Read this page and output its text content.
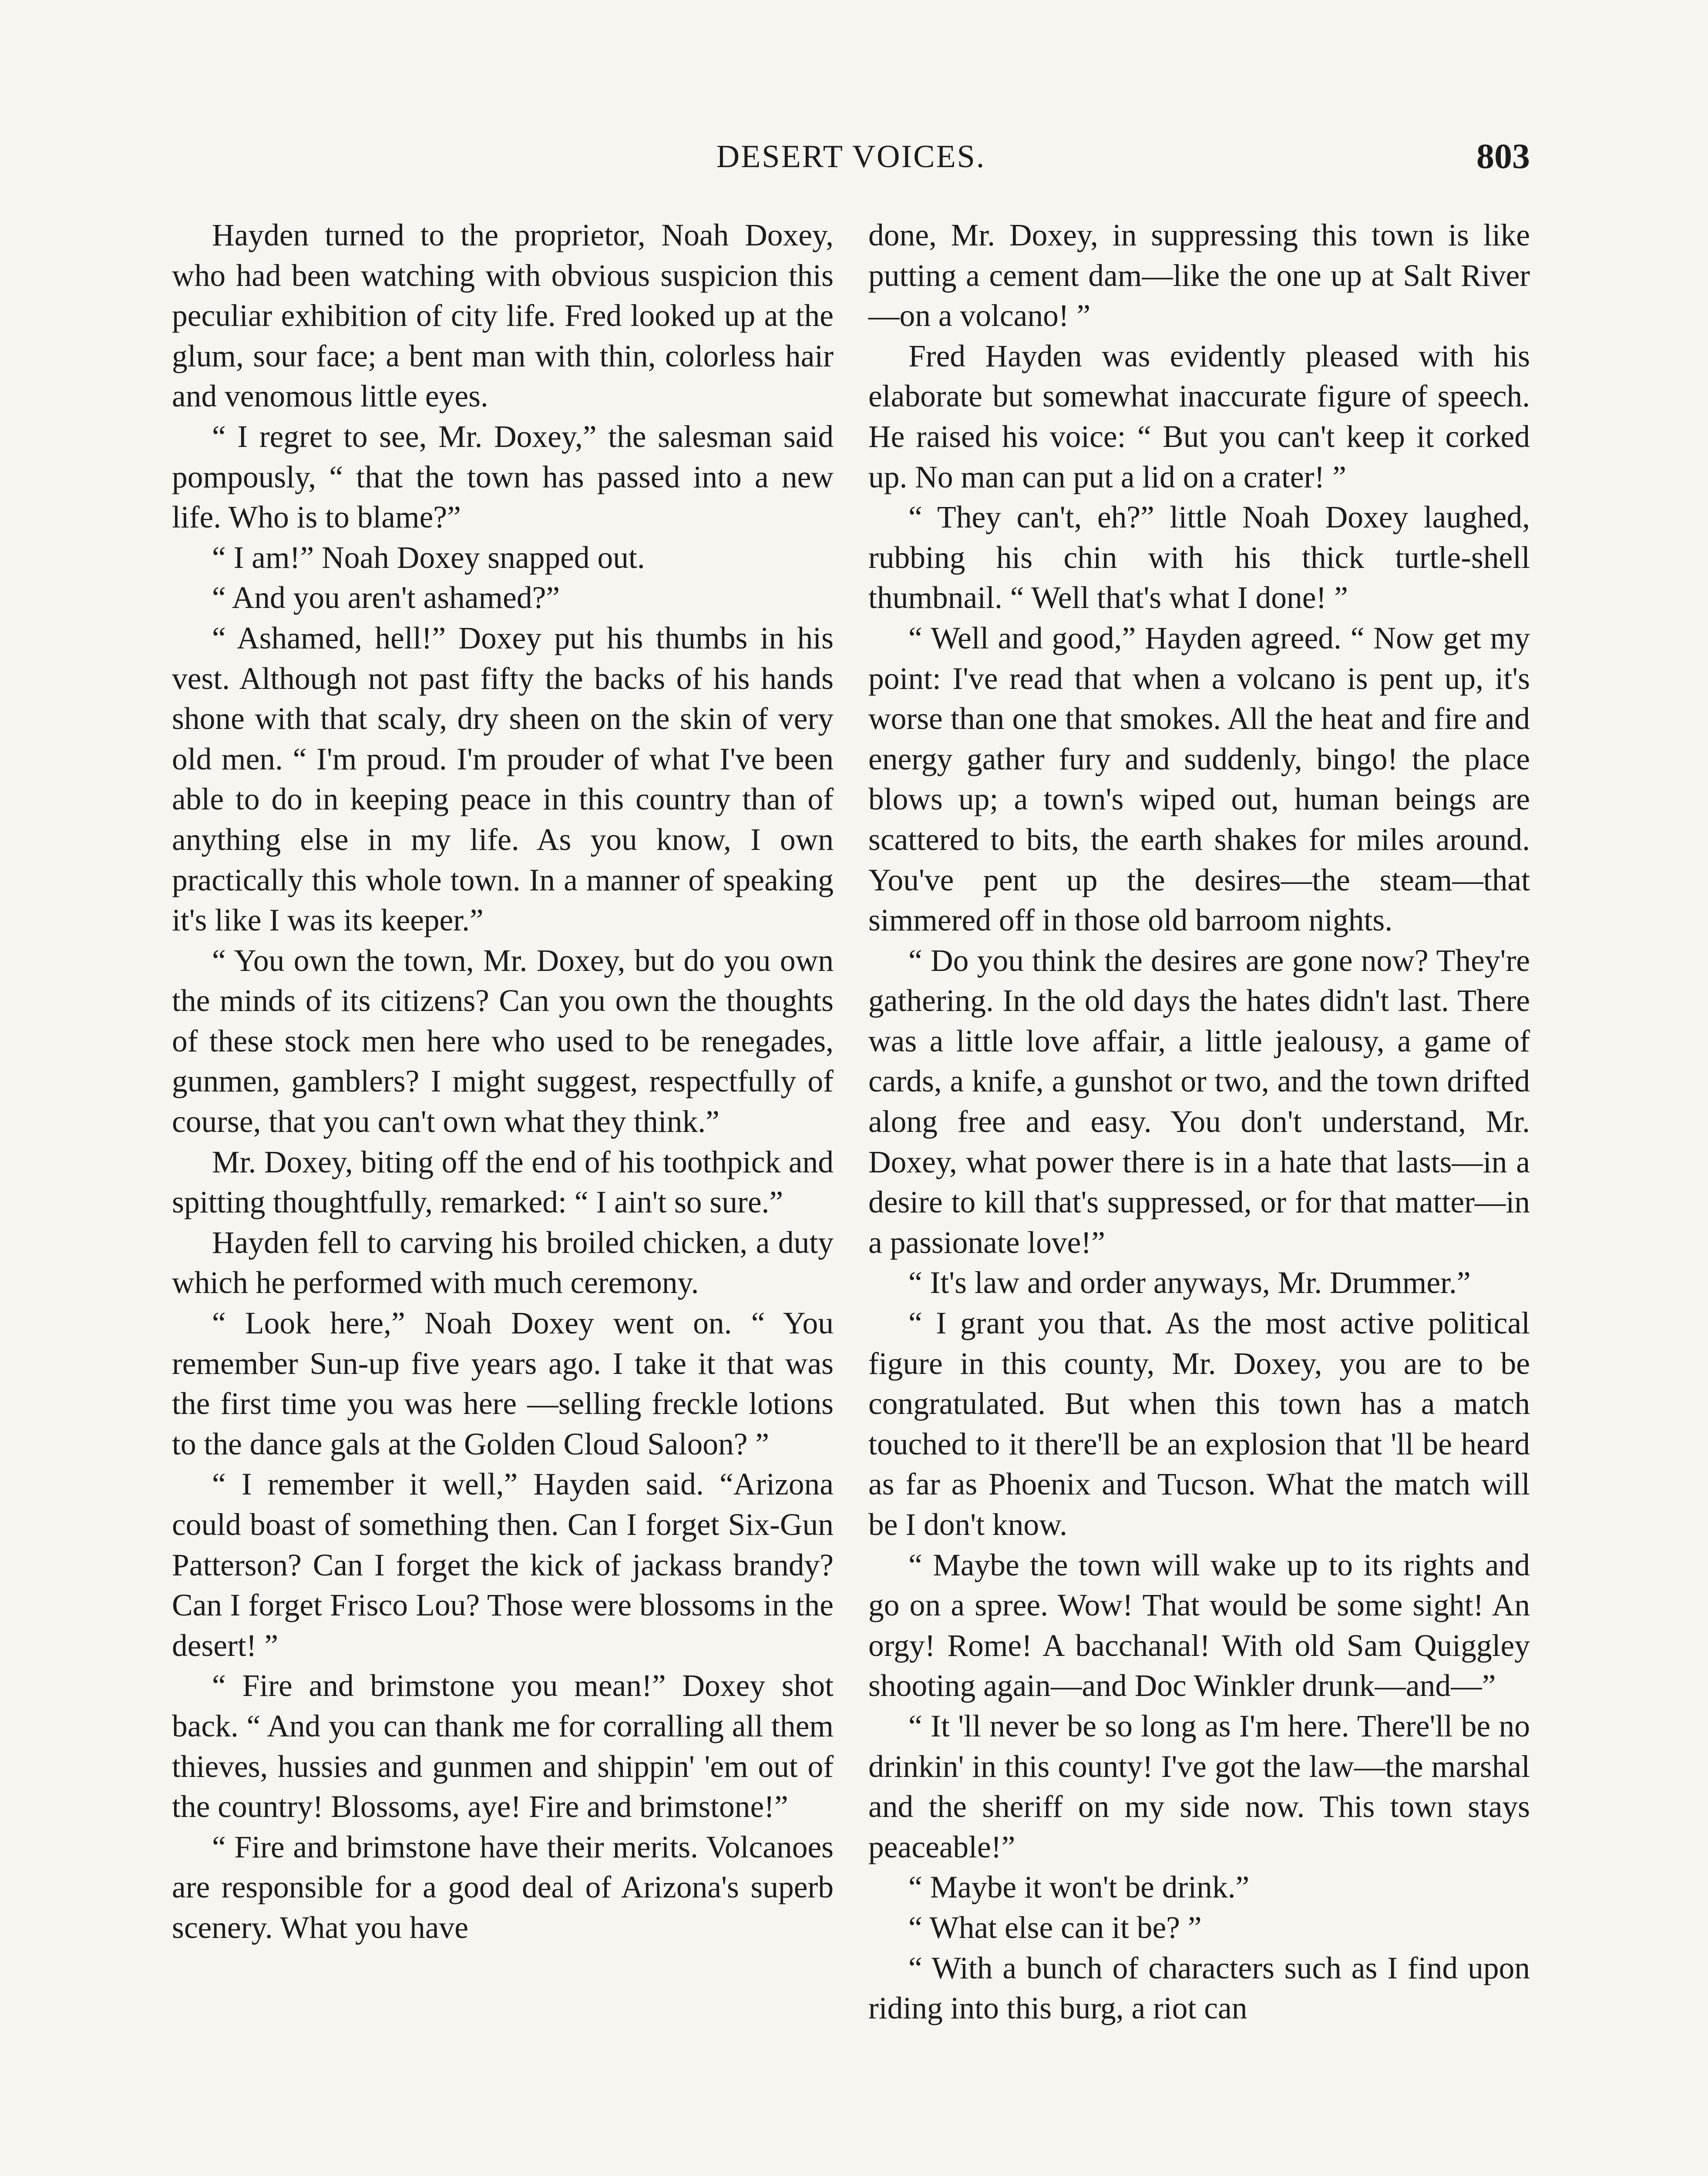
DESERT VOICES.	803

Hayden turned to the proprietor, Noah Doxey, who had been watching with obvious suspicion this peculiar exhibition of city life. Fred looked up at the glum, sour face; a bent man with thin, colorless hair and venomous little eyes.

“ I regret to see, Mr. Doxey,” the salesman said pompously, “ that the town has passed into a new life. Who is to blame?”

“ I am!” Noah Doxey snapped out.

“ And you aren't ashamed?”

“ Ashamed, hell!” Doxey put his thumbs in his vest. Although not past fifty the backs of his hands shone with that scaly, dry sheen on the skin of very old men. “ I'm proud. I'm prouder of what I've been able to do in keeping peace in this country than of anything else in my life. As you know, I own practically this whole town. In a manner of speaking it's like I was its keeper.”

“ You own the town, Mr. Doxey, but do you own the minds of its citizens? Can you own the thoughts of these stock men here who used to be renegades, gunmen, gamblers? I might suggest, respectfully of course, that you can't own what they think.”

Mr. Doxey, biting off the end of his toothpick and spitting thoughtfully, remarked: “ I ain't so sure.”

Hayden fell to carving his broiled chicken, a duty which he performed with much ceremony.

“ Look here,” Noah Doxey went on. “ You remember Sun-up five years ago. I take it that was the first time you was here —selling freckle lotions to the dance gals at the Golden Cloud Saloon? ”

“ I remember it well,” Hayden said. “Arizona could boast of something then. Can I forget Six-Gun Patterson? Can I forget the kick of jackass brandy? Can I forget Frisco Lou? Those were blossoms in the desert! ”

“ Fire and brimstone you mean!” Doxey shot back. “ And you can thank me for corralling all them thieves, hussies and gunmen and shippin' 'em out of the country! Blossoms, aye! Fire and brimstone!”

“ Fire and brimstone have their merits. Volcanoes are responsible for a good deal of Arizona's superb scenery. What you have

done, Mr. Doxey, in suppressing this town is like putting a cement dam—like the one up at Salt River—on a volcano! ”

Fred Hayden was evidently pleased with his elaborate but somewhat inaccurate figure of speech. He raised his voice: “ But you can't keep it corked up. No man can put a lid on a crater! ”

“ They can't, eh?” little Noah Doxey laughed, rubbing his chin with his thick turtle-shell thumbnail. “ Well that's what I done! ”

“ Well and good,” Hayden agreed. “ Now get my point: I've read that when a volcano is pent up, it's worse than one that smokes. All the heat and fire and energy gather fury and suddenly, bingo! the place blows up; a town's wiped out, human beings are scattered to bits, the earth shakes for miles around. You've pent up the desires—the steam—that simmered off in those old barroom nights.

“ Do you think the desires are gone now? They're gathering. In the old days the hates didn't last. There was a little love affair, a little jealousy, a game of cards, a knife, a gunshot or two, and the town drifted along free and easy. You don't understand, Mr. Doxey, what power there is in a hate that lasts—in a desire to kill that's suppressed, or for that matter—in a passionate love!”

“ It's law and order anyways, Mr. Drummer.”

“ I grant you that. As the most active political figure in this county, Mr. Doxey, you are to be congratulated. But when this town has a match touched to it there'll be an explosion that 'll be heard as far as Phoenix and Tucson. What the match will be I don't know.

“ Maybe the town will wake up to its rights and go on a spree. Wow! That would be some sight! An orgy! Rome! A bacchanal! With old Sam Quiggley shooting again—and Doc Winkler drunk—and—”

“ It 'll never be so long as I'm here. There'll be no drinkin' in this county! I've got the law—the marshal and the sheriff on my side now. This town stays peaceable!”

“ Maybe it won't be drink.”

“ What else can it be? ”

“ With a bunch of characters such as I find upon riding into this burg, a riot can
